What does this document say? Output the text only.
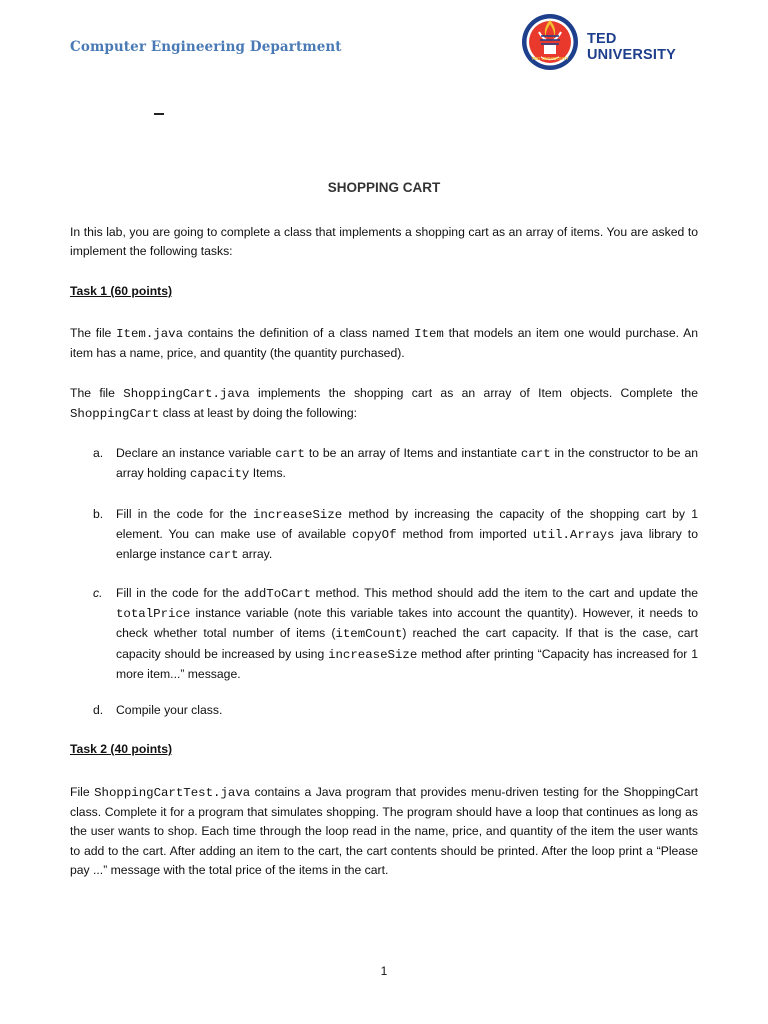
Computer Engineering Department
TED UNIVERSITY
TED UNIVERSITY
SHOPPING CART

In this lab, you are going to complete a class that implements a shopping cart as an array of items. You are asked to implement the following tasks:

Task 1 (60 points)

The file Item.java contains the definition of a class named Item that models an item one would purchase. An item has a name, price, and quantity (the quantity purchased).

The file ShoppingCart.java implements the shopping cart as an array of Item objects. Complete the ShoppingCart class at least by doing the following:

a. Declare an instance variable cart to be an array of Items and instantiate cart in the constructor to be an array holding capacity Items.
b. Fill in the code for the increaseSize method by increasing the capacity of the shopping cart by 1 element. You can make use of available copyOf method from imported util.Arrays java library to enlarge instance cart array.
c. Fill in the code for the addToCart method. This method should add the item to the cart and update the totalPrice instance variable (note this variable takes into account the quantity). However, it needs to check whether total number of items (itemCount) reached the cart capacity. If that is the case, cart capacity should be increased by using increaseSize method after printing “Capacity has increased for 1 more item...” message.
d. Compile your class.
Task 2 (40 points)

File ShoppingCartTest.java contains a Java program that provides menu-driven testing for the ShoppingCart class. Complete it for a program that simulates shopping. The program should have a loop that continues as long as the user wants to shop. Each time through the loop read in the name, price, and quantity of the item the user wants to add to the cart. After adding an item to the cart, the cart contents should be printed. After the loop print a “Please pay ...” message with the total price of the items in the cart.

1
